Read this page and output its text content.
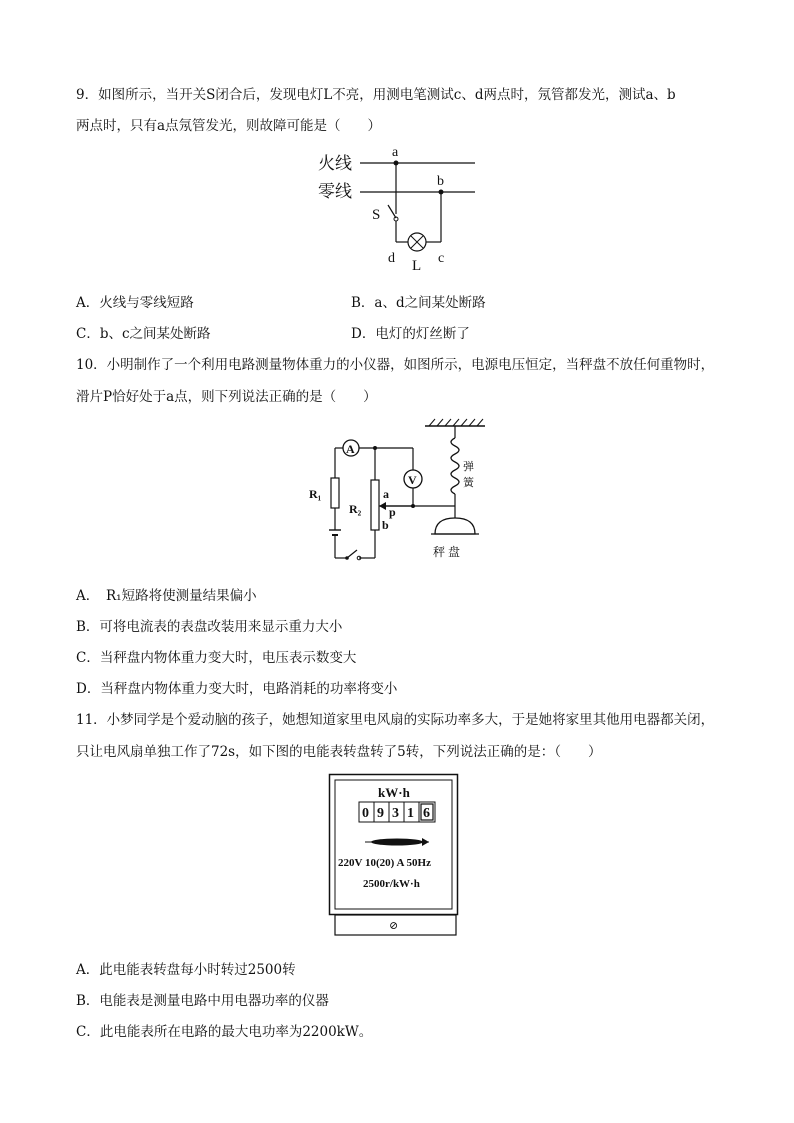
9．如图所示，当开关S闭合后，发现电灯L不亮，用测电笔测试c、d两点时，氖管都发光，测试a、b
两点时，只有a点氖管发光，则故障可能是（　　）
火线
零线
a
S
b
d L c
A．火线与零线短路	B．a、d之间某处断路
C．b、c之间某处断路	D．电灯的灯丝断了
10．小明制作了一个利用电路测量物体重力的小仪器，如图所示，电源电压恒定，当秤盘不放任何重物时，
滑片P恰好处于a点，则下列说法正确的是（　　）
弹
簧
秤 盘
A
V
R₁
R₂
a
p
b
A．　R₁短路将使测量结果偏小
B．可将电流表的表盘改装用来显示重力大小
C．当秤盘内物体重力变大时，电压表示数变大
D．当秤盘内物体重力变大时，电路消耗的功率将变小
11．小梦同学是个爱动脑的孩子，她想知道家里电风扇的实际功率多大，于是她将家里其他用电器都关闭，
只让电风扇单独工作了72s，如下图的电能表转盘转了5转，下列说法正确的是：（　　）
kW·h
0 9 3 1 6
220V 10(20) A 50Hz
2500r/kW·h
⊘
A．此电能表转盘每小时转过2500转
B．电能表是测量电路中用电器功率的仪器
C．此电能表所在电路的最大电功率为2200kW。
